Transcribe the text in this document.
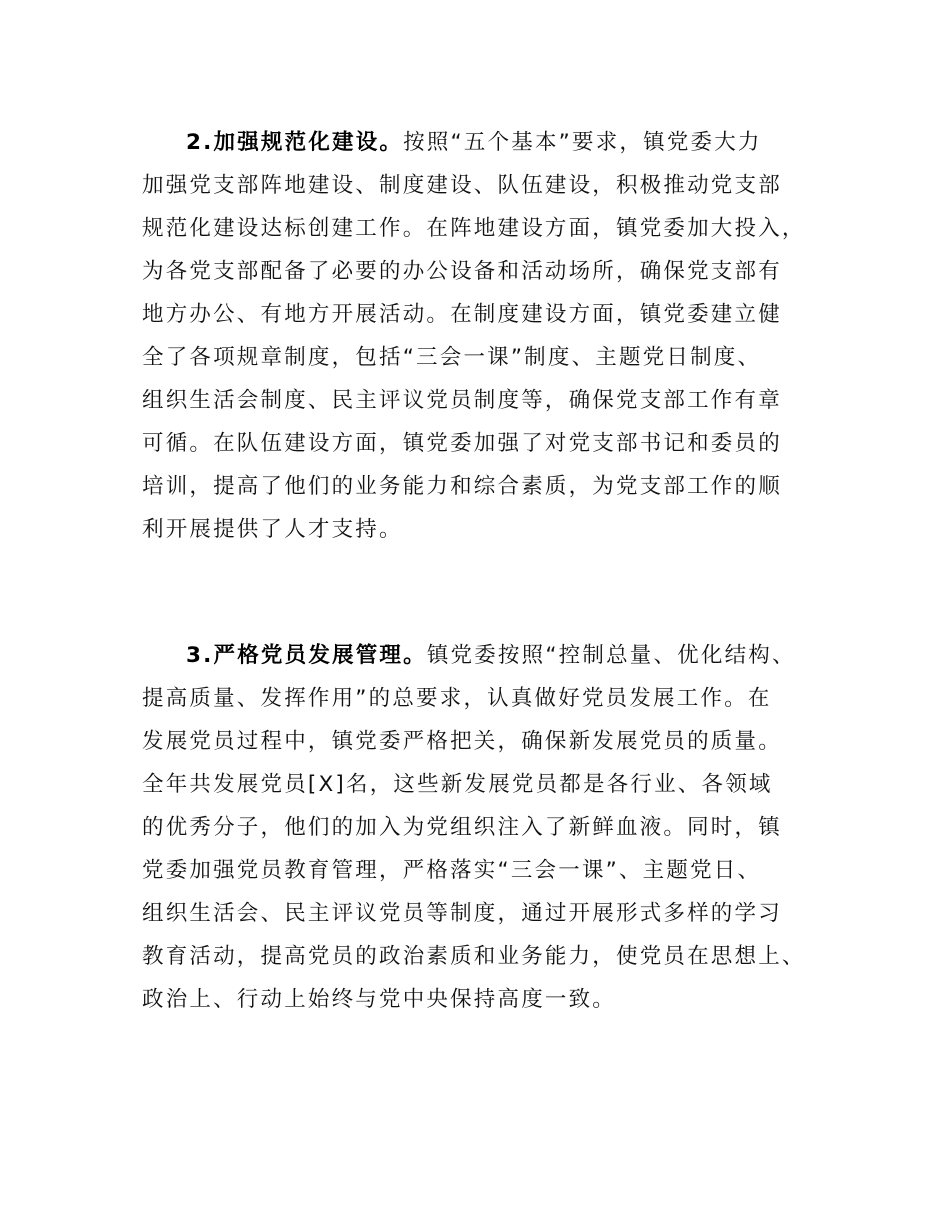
2.加强规范化建设。按照“五个基本”要求，镇党委大力
加强党支部阵地建设、制度建设、队伍建设，积极推动党支部
规范化建设达标创建工作。在阵地建设方面，镇党委加大投入，
为各党支部配备了必要的办公设备和活动场所，确保党支部有
地方办公、有地方开展活动。在制度建设方面，镇党委建立健
全了各项规章制度，包括“三会一课”制度、主题党日制度、
组织生活会制度、民主评议党员制度等，确保党支部工作有章
可循。在队伍建设方面，镇党委加强了对党支部书记和委员的
培训，提高了他们的业务能力和综合素质，为党支部工作的顺
利开展提供了人才支持。
3.严格党员发展管理。镇党委按照“控制总量、优化结构、
提高质量、发挥作用”的总要求，认真做好党员发展工作。在
发展党员过程中，镇党委严格把关，确保新发展党员的质量。
全年共发展党员[X]名，这些新发展党员都是各行业、各领域
的优秀分子，他们的加入为党组织注入了新鲜血液。同时，镇
党委加强党员教育管理，严格落实“三会一课”、主题党日、
组织生活会、民主评议党员等制度，通过开展形式多样的学习
教育活动，提高党员的政治素质和业务能力，使党员在思想上、
政治上、行动上始终与党中央保持高度一致。
